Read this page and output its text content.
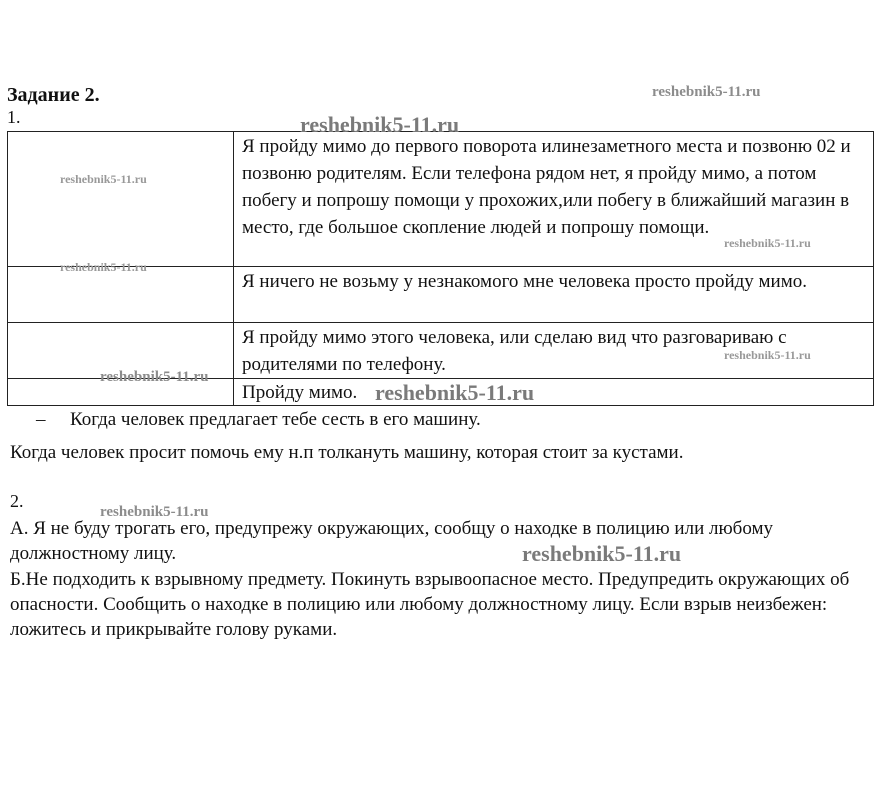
Задание 2.
1.
	Я пройду мимо до первого поворота илинезаметного места и позвоню 02 и позвоню родителям. Если телефона рядом нет, я пройду мимо, а потом побегу и попрошу помощи у прохожих,или побегу в ближайший магазин в место, где большое скопление людей и попрошу помощи.
	Я ничего не возьму у незнакомого мне человека просто пройду мимо.
	Я пройду мимо этого человека, или сделаю вид что разговариваю с родителями по телефону.
	Пройду мимо.
– Когда человек предлагает тебе сесть в его машину.
Когда человек просит помочь ему н.п толкануть машину, которая стоит за кустами.
2.
А. Я не буду трогать его, предупрежу окружающих, сообщу о находке в полицию или любому должностному лицу.
Б.Не подходить к взрывному предмету. Покинуть взрывоопасное место. Предупредить окружающих об опасности. Сообщить о находке в полицию или любому должностному лицу. Если взрыв неизбежен: ложитесь и прикрывайте голову руками.
reshebnik5-11.ru
reshebnik5-11.ru
reshebnik5-11.ru
reshebnik5-11.ru
reshebnik5-11.ru
reshebnik5-11.ru
reshebnik5-11.ru
reshebnik5-11.ru
reshebnik5-11.ru
reshebnik5-11.ru
